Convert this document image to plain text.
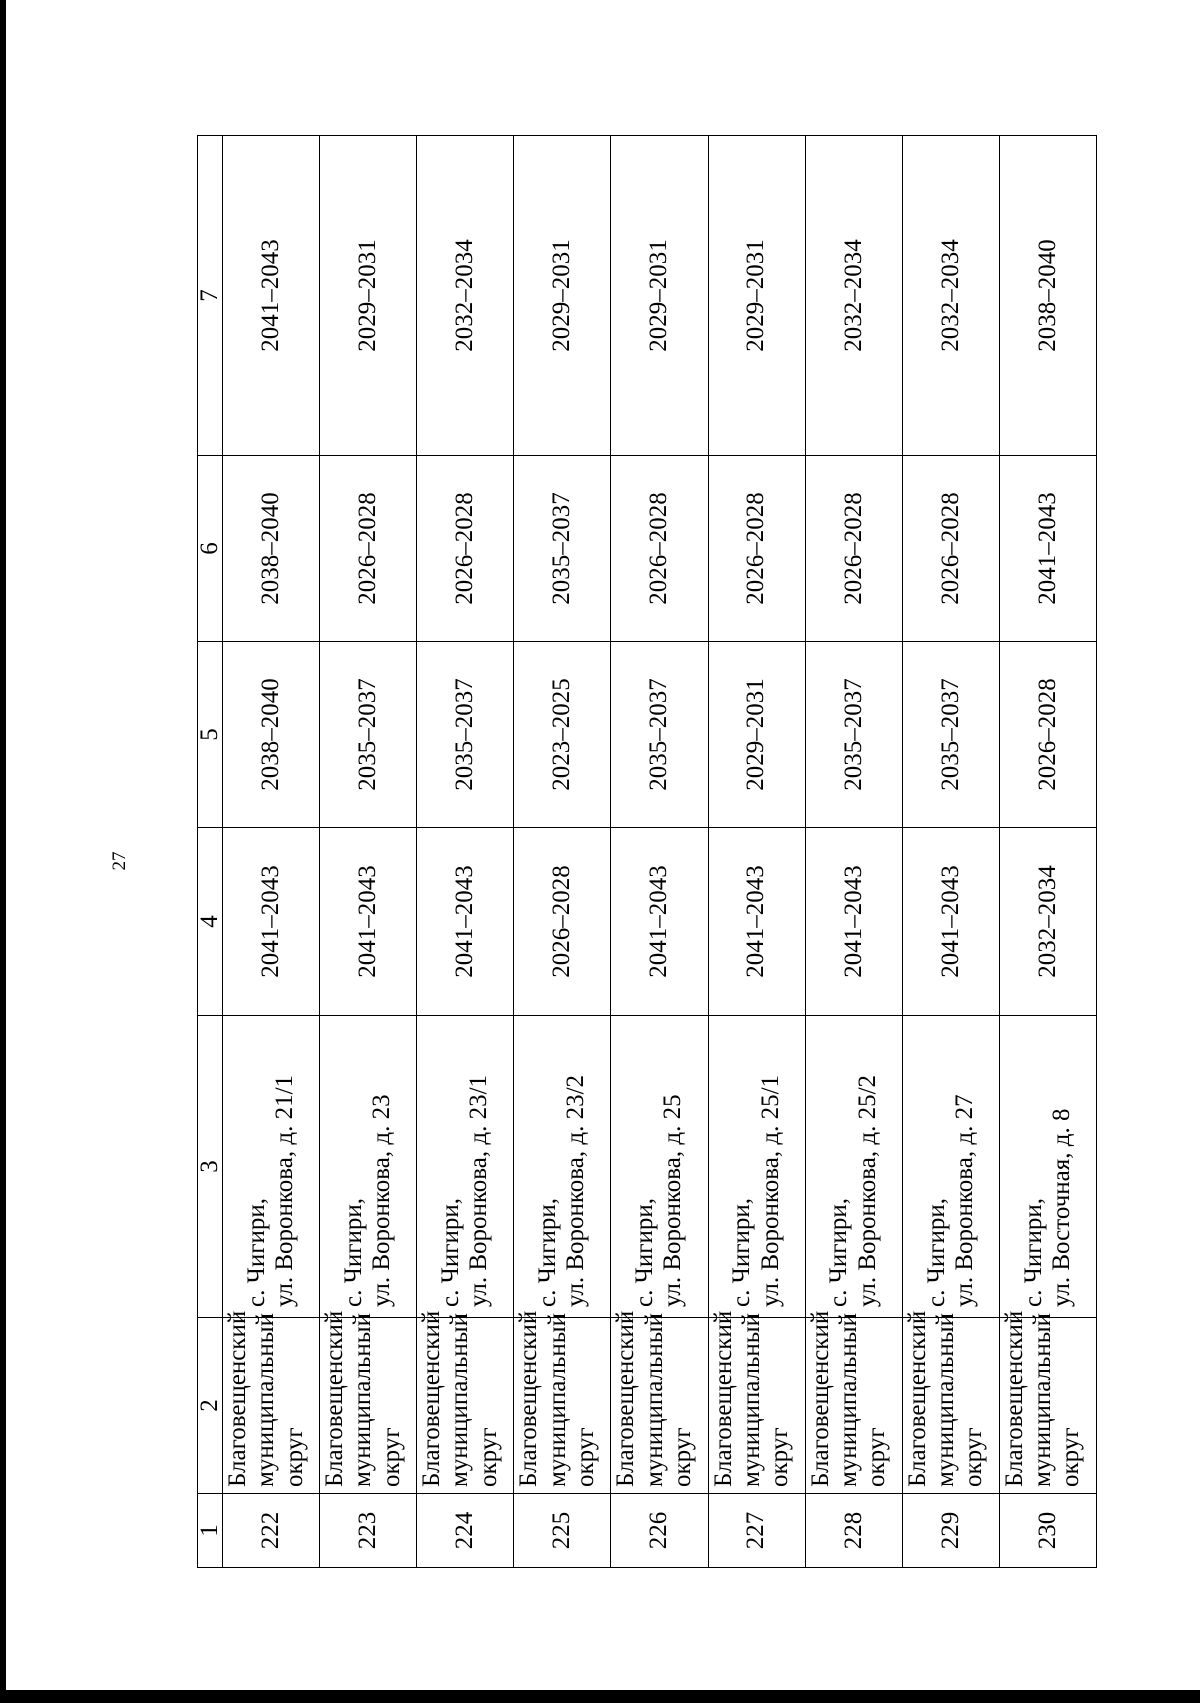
27
1	2	3	4	5	6	7
222	Благовещенский муниципальный округ	с. Чигири, ул. Воронкова, д. 21/1	2041–2043	2038–2040	2038–2040	2041–2043
223	Благовещенский муниципальный округ	с. Чигири, ул. Воронкова, д. 23	2041–2043	2035–2037	2026–2028	2029–2031
224	Благовещенский муниципальный округ	с. Чигири, ул. Воронкова, д. 23/1	2041–2043	2035–2037	2026–2028	2032–2034
225	Благовещенский муниципальный округ	с. Чигири, ул. Воронкова, д. 23/2	2026–2028	2023–2025	2035–2037	2029–2031
226	Благовещенский муниципальный округ	с. Чигири, ул. Воронкова, д. 25	2041–2043	2035–2037	2026–2028	2029–2031
227	Благовещенский муниципальный округ	с. Чигири, ул. Воронкова, д. 25/1	2041–2043	2029–2031	2026–2028	2029–2031
228	Благовещенский муниципальный округ	с. Чигири, ул. Воронкова, д. 25/2	2041–2043	2035–2037	2026–2028	2032–2034
229	Благовещенский муниципальный округ	с. Чигири, ул. Воронкова, д. 27	2041–2043	2035–2037	2026–2028	2032–2034
230	Благовещенский муниципальный округ	с. Чигири, ул. Восточная, д. 8	2032–2034	2026–2028	2041–2043	2038–2040
